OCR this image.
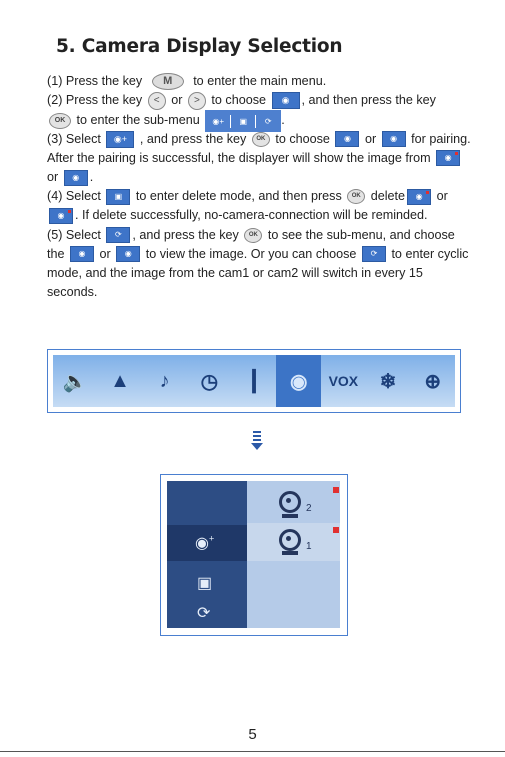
5. Camera Display Selection
(1) Press the key M to enter the main menu.
(2) Press the key < or > to choose ◉ , and then press the key
OK to enter the sub-menu ◉+ ▣ ⟳ .
(3) Select ◉+ , and press the key OK to choose ◉ or ◉ for pairing.
After the pairing is successful, the displayer will show the image from ◉
or ◉ .
(4) Select ▣ to enter delete mode, and then press OK delete ◉ or
◉ . If delete successfully, no-camera-connection will be reminded.
(5) Select ⟳ , and press the key OK to see the sub-menu, and choose
the ◉ or ◉ to view the image. Or you can choose ⟳ to enter cyclic
mode, and the image from the cam1 or cam2 will switch in every 15
seconds.
🔈	▲	♪	◷	┃	◉	VOX	❄	⊕
2
1
◉+
▣
⟳
5
